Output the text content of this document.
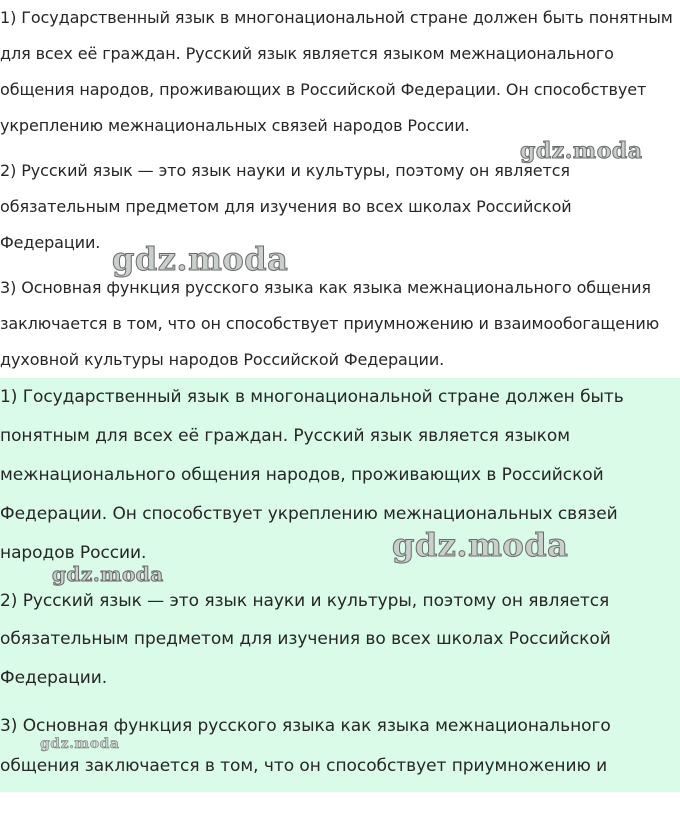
1) Государственный язык в многонациональной стране должен быть понятным
для всех её граждан. Русский язык является языком межнационального
общения народов, проживающих в Российской Федерации. Он способствует
укреплению межнациональных связей народов России.
2) Русский язык — это язык науки и культуры, поэтому он является
обязательным предметом для изучения во всех школах Российской
Федерации.
3) Основная функция русского языка как языка межнационального общения
заключается в том, что он способствует приумножению и взаимообогащению
духовной культуры народов Российской Федерации.
1) Государственный язык в многонациональной стране должен быть
понятным для всех её граждан. Русский язык является языком
межнационального общения народов, проживающих в Российской
Федерации. Он способствует укреплению межнациональных связей
народов России.
2) Русский язык — это язык науки и культуры, поэтому он является
обязательным предметом для изучения во всех школах Российской
Федерации.
3) Основная функция русского языка как языка межнационального
общения заключается в том, что он способствует приумножению и
gdz.moda
gdz.moda
gdz.moda
gdz.moda
gdz.moda
